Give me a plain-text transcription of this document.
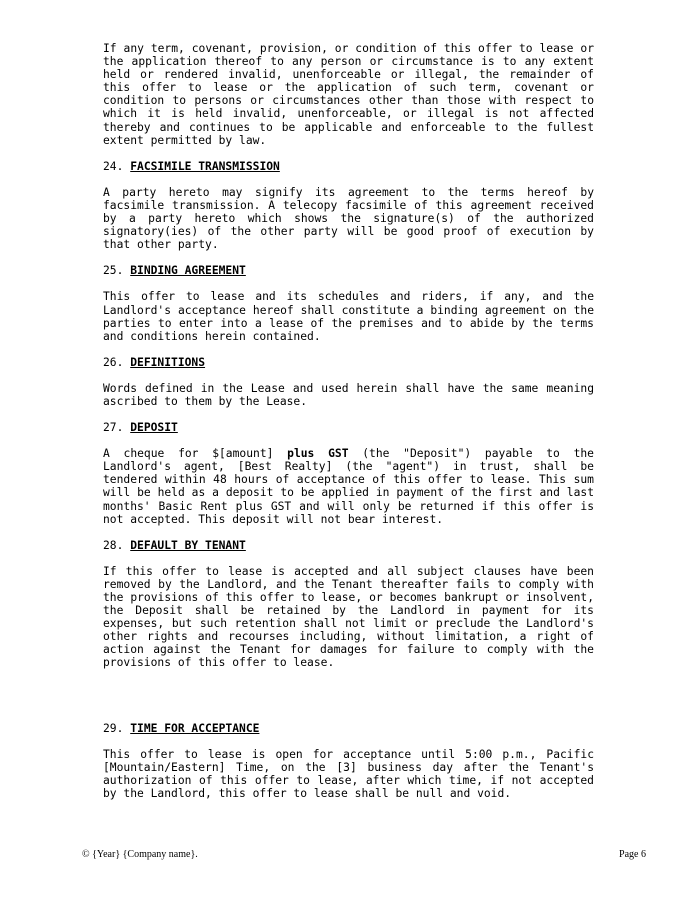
If any term, covenant, provision, or condition of this offer to lease or the application thereof to any person or circumstance is to any extent held or rendered invalid, unenforceable or illegal, the remainder of this offer to lease or the application of such term, covenant or condition to persons or circumstances other than those with respect to which it is held invalid, unenforceable, or illegal is not affected thereby and continues to be applicable and enforceable to the fullest extent permitted by law.

24. FACSIMILE TRANSMISSION

A party hereto may signify its agreement to the terms hereof by facsimile transmission. A telecopy facsimile of this agreement received by a party hereto which shows the signature(s) of the authorized signatory(ies) of the other party will be good proof of execution by that other party.

25. BINDING AGREEMENT

This offer to lease and its schedules and riders, if any, and the Landlord's acceptance hereof shall constitute a binding agreement on the parties to enter into a lease of the premises and to abide by the terms and conditions herein contained.

26. DEFINITIONS

Words defined in the Lease and used herein shall have the same meaning ascribed to them by the Lease.

27. DEPOSIT

A cheque for $[amount] plus GST (the "Deposit") payable to the Landlord's agent, [Best Realty] (the "agent") in trust, shall be tendered within 48 hours of acceptance of this offer to lease. This sum will be held as a deposit to be applied in payment of the first and last months' Basic Rent plus GST and will only be returned if this offer is not accepted. This deposit will not bear interest.

28. DEFAULT BY TENANT

If this offer to lease is accepted and all subject clauses have been removed by the Landlord, and the Tenant thereafter fails to comply with the provisions of this offer to lease, or becomes bankrupt or insolvent, the Deposit shall be retained by the Landlord in payment for its expenses, but such retention shall not limit or preclude the Landlord's other rights and recourses including, without limitation, a right of action against the Tenant for damages for failure to comply with the provisions of this offer to lease.

29. TIME FOR ACCEPTANCE

This offer to lease is open for acceptance until 5:00 p.m., Pacific [Mountain/Eastern] Time, on the [3] business day after the Tenant's authorization of this offer to lease, after which time, if not accepted by the Landlord, this offer to lease shall be null and void.

© {Year} {Company name}.	Page 6
